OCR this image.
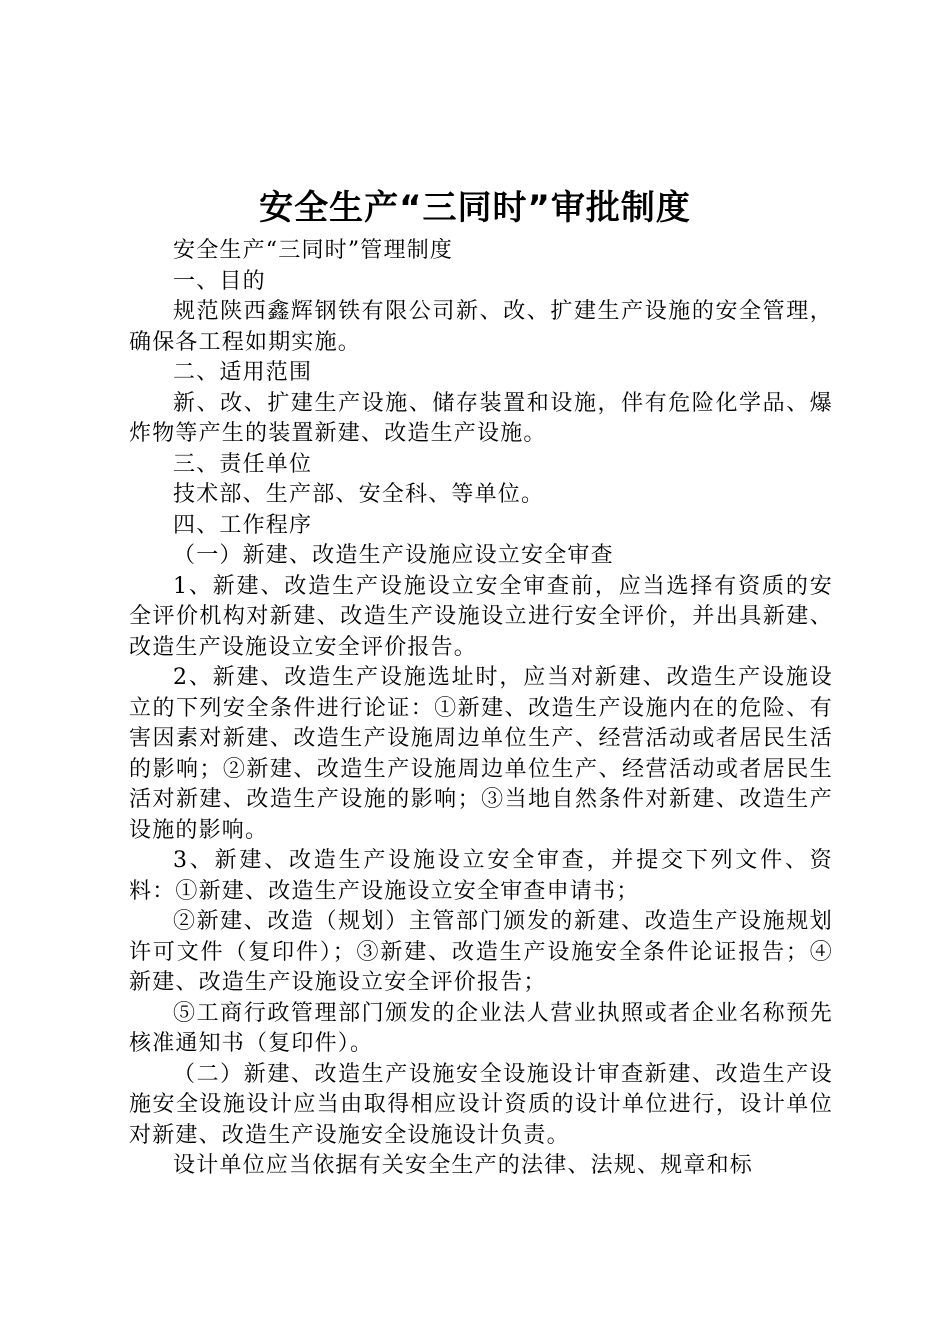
安全生产“三同时”审批制度

安全生产“三同时”管理制度

一、目的

规范陕西鑫辉钢铁有限公司新、改、扩建生产设施的安全管理，确保各工程如期实施。

二、适用范围

新、改、扩建生产设施、储存装置和设施，伴有危险化学品、爆炸物等产生的装置新建、改造生产设施。

三、责任单位

技术部、生产部、安全科、等单位。

四、工作程序

（一）新建、改造生产设施应设立安全审查

1、新建、改造生产设施设立安全审查前，应当选择有资质的安全评价机构对新建、改造生产设施设立进行安全评价，并出具新建、改造生产设施设立安全评价报告。

2、新建、改造生产设施选址时，应当对新建、改造生产设施设立的下列安全条件进行论证：①新建、改造生产设施内在的危险、有害因素对新建、改造生产设施周边单位生产、经营活动或者居民生活的影响；②新建、改造生产设施周边单位生产、经营活动或者居民生活对新建、改造生产设施的影响；③当地自然条件对新建、改造生产设施的影响。

3、新建、改造生产设施设立安全审查，并提交下列文件、资料：①新建、改造生产设施设立安全审查申请书；

②新建、改造（规划）主管部门颁发的新建、改造生产设施规划许可文件（复印件）；③新建、改造生产设施安全条件论证报告；④新建、改造生产设施设立安全评价报告；

⑤工商行政管理部门颁发的企业法人营业执照或者企业名称预先核准通知书（复印件）。

（二）新建、改造生产设施安全设施设计审查新建、改造生产设施安全设施设计应当由取得相应设计资质的设计单位进行，设计单位对新建、改造生产设施安全设施设计负责。

设计单位应当依据有关安全生产的法律、法规、规章和标
